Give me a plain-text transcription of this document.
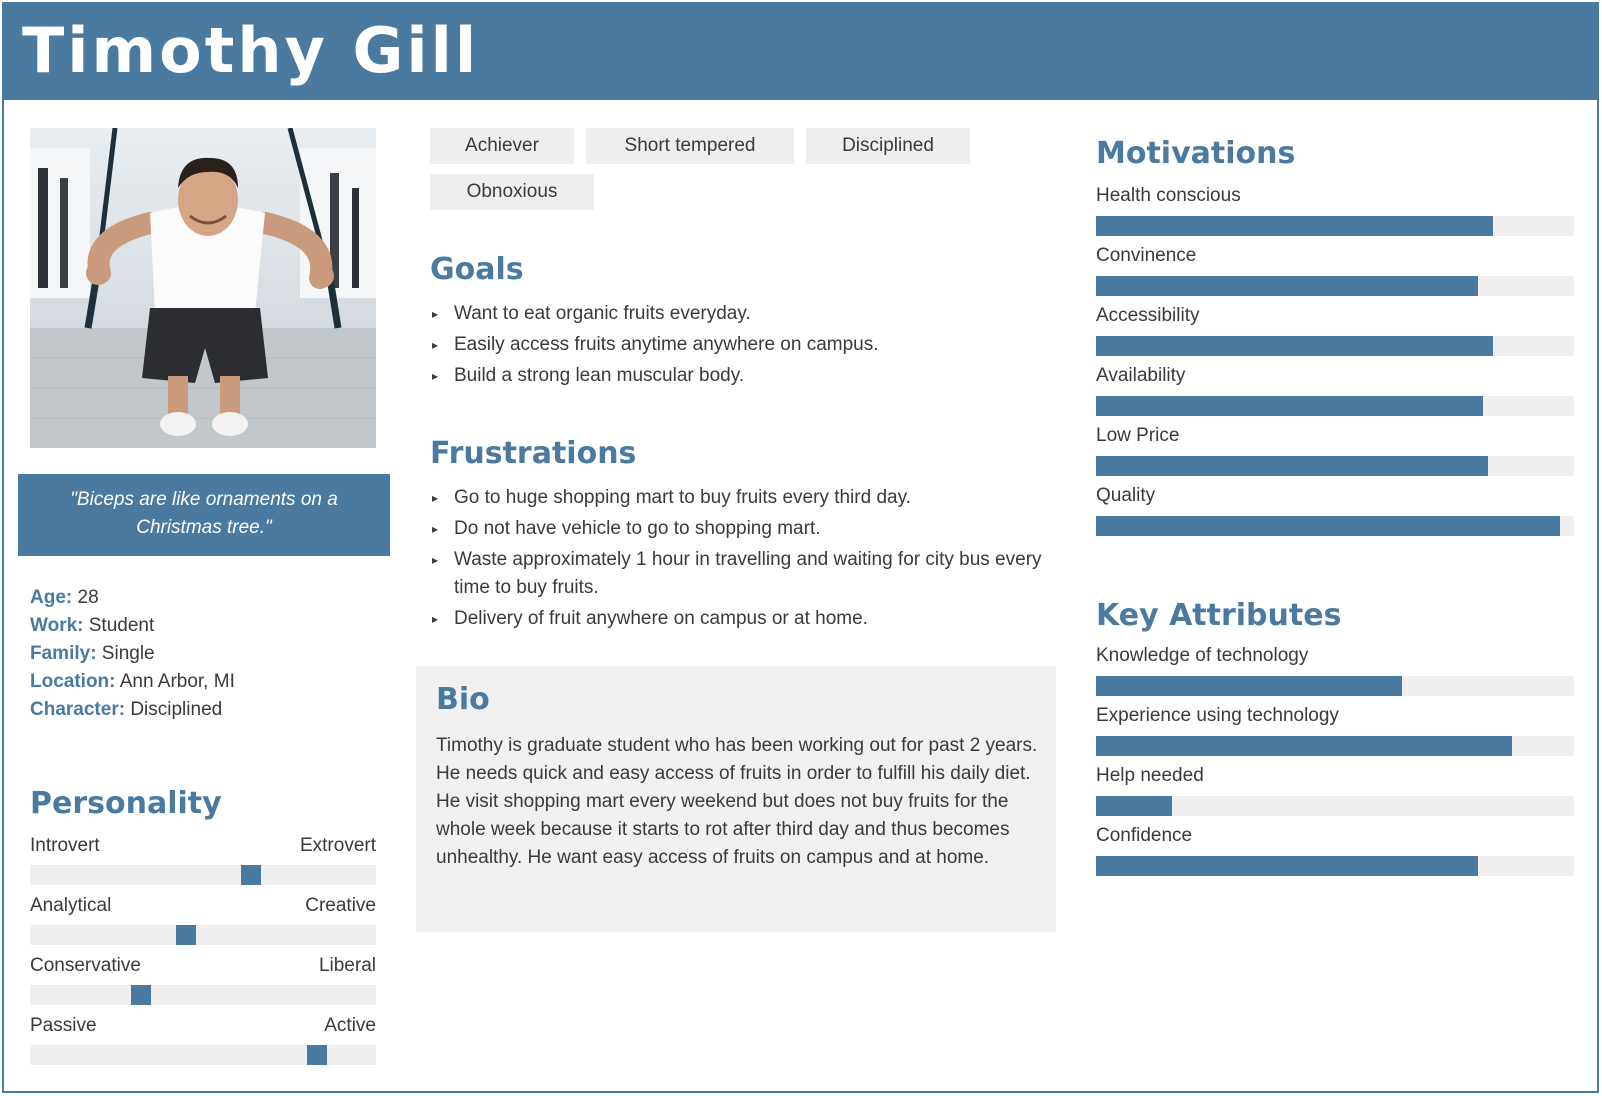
Timothy Gill
"Biceps are like ornaments on a Christmas tree."
Age: 28
Work: Student
Family: Single
Location: Ann Arbor, MI
Character: Disciplined
Personality
Introvert	Extrovert
Analytical	Creative
Conservative	Liberal
Passive	Active
Achiever	Short tempered	Disciplined
Obnoxious
Goals
▸ Want to eat organic fruits everyday.
▸ Easily access fruits anytime anywhere on campus.
▸ Build a strong lean muscular body.
Frustrations
▸ Go to huge shopping mart to buy fruits every third day.
▸ Do not have vehicle to go to shopping mart.
▸ Waste approximately 1 hour in travelling and waiting for city bus every time to buy fruits.
▸ Delivery of fruit anywhere on campus or at home.
Bio

Timothy is graduate student who has been working out for past 2 years. He needs quick and easy access of fruits in order to fulfill his daily diet. He visit shopping mart every weekend but does not buy fruits for the whole week because it starts to rot after third day and thus becomes unhealthy. He want easy access of fruits on campus and at home.

Motivations
Health conscious
Convinence
Accessibility
Availability
Low Price
Quality
Key Attributes
Knowledge of technology
Experience using technology
Help needed
Confidence
